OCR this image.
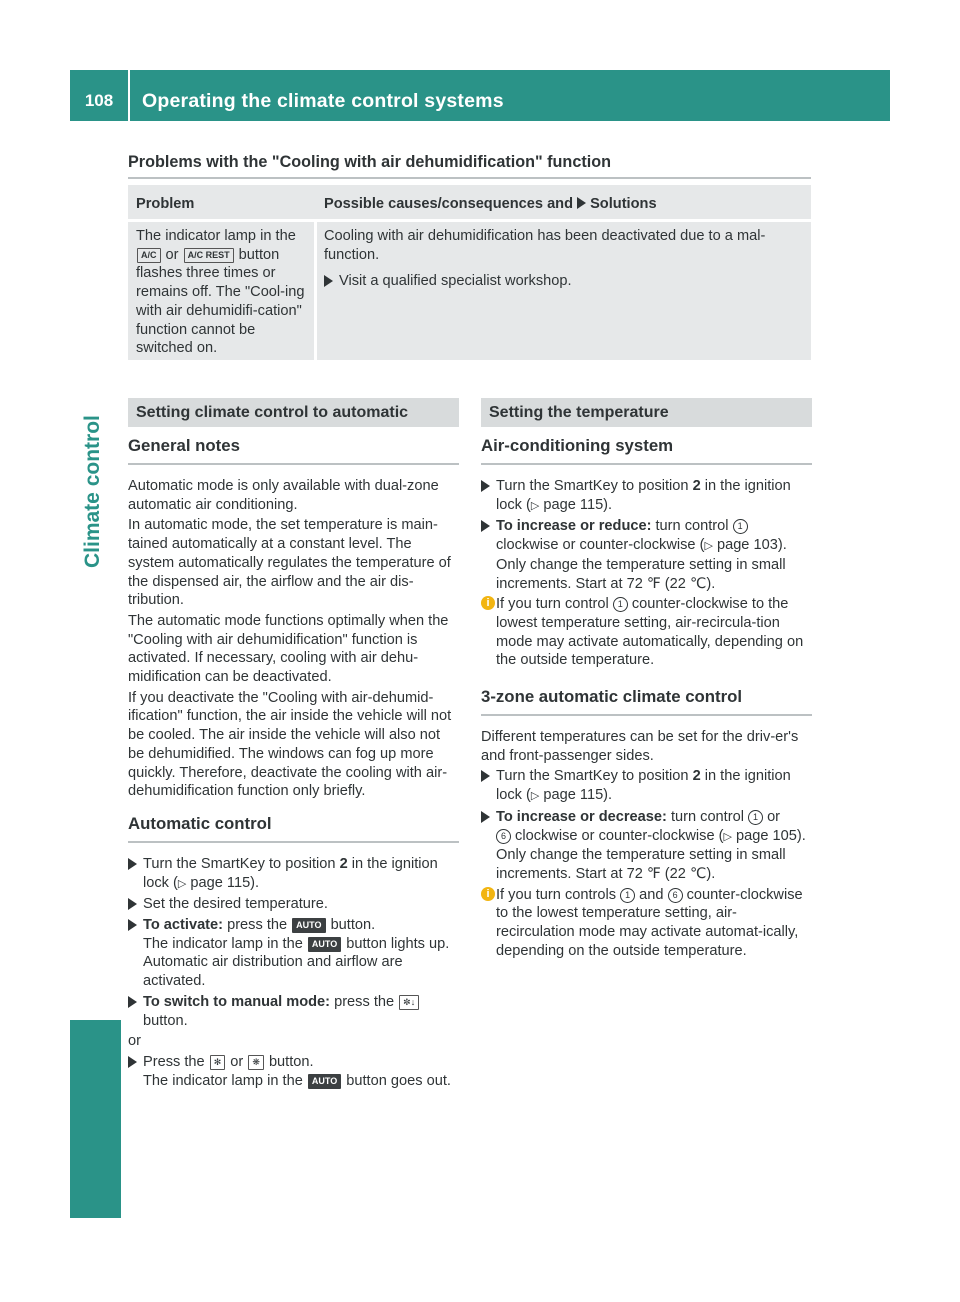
108	Operating the climate control systems
Climate control
Problems with the "Cooling with air dehumidification" function
Problem	Possible causes/consequences and Solutions
The indicator lamp in the A/C or A/C REST button flashes three times or remains off. The "Cool-ing with air dehumidifi-cation" function cannot be switched on.

Cooling with air dehumidification has been deactivated due to a mal-function.

Visit a qualified specialist workshop.
Setting climate control to automatic
General notes

Automatic mode is only available with dual-zone automatic air conditioning.

In automatic mode, the set temperature is main-tained automatically at a constant level. The system automatically regulates the temperature of the dispensed air, the airflow and the air dis-tribution.

The automatic mode functions optimally when the "Cooling with air dehumidification" function is activated. If necessary, cooling with air dehu-midification can be deactivated.

If you deactivate the "Cooling with air-dehumid-ification" function, the air inside the vehicle will not be cooled. The air inside the vehicle will also not be dehumidified. The windows can fog up more quickly. Therefore, deactivate the cooling with air-dehumidification function only briefly.

Automatic control
Turn the SmartKey to position 2 in the ignition lock (▷ page 115).
Set the desired temperature.
To activate: press the AUTO button.
The indicator lamp in the AUTO button lights up. Automatic air distribution and airflow are activated.
To switch to manual mode: press the ✼↓
button.

or

Press the ✻ or ❋ button.
The indicator lamp in the AUTO button goes out.
Setting the temperature
Air-conditioning system
Turn the SmartKey to position 2 in the ignition lock (▷ page 115).
To increase or reduce: turn control 1 clockwise or counter-clockwise (▷ page 103).
Only change the temperature setting in small increments. Start at 72 ℉ (22 ℃).
i If you turn control 1 counter-clockwise to the lowest temperature setting, air-recircula-tion mode may activate automatically, depending on the outside temperature.
3-zone automatic climate control

Different temperatures can be set for the driv-er's and front-passenger sides.

Turn the SmartKey to position 2 in the ignition lock (▷ page 115).
To increase or decrease: turn control 1 or
6 clockwise or counter-clockwise (▷ page 105).
Only change the temperature setting in small increments. Start at 72 ℉ (22 ℃).
i If you turn controls 1 and 6 counter-clockwise to the lowest temperature setting, air-recirculation mode may activate automat-ically, depending on the outside temperature.
